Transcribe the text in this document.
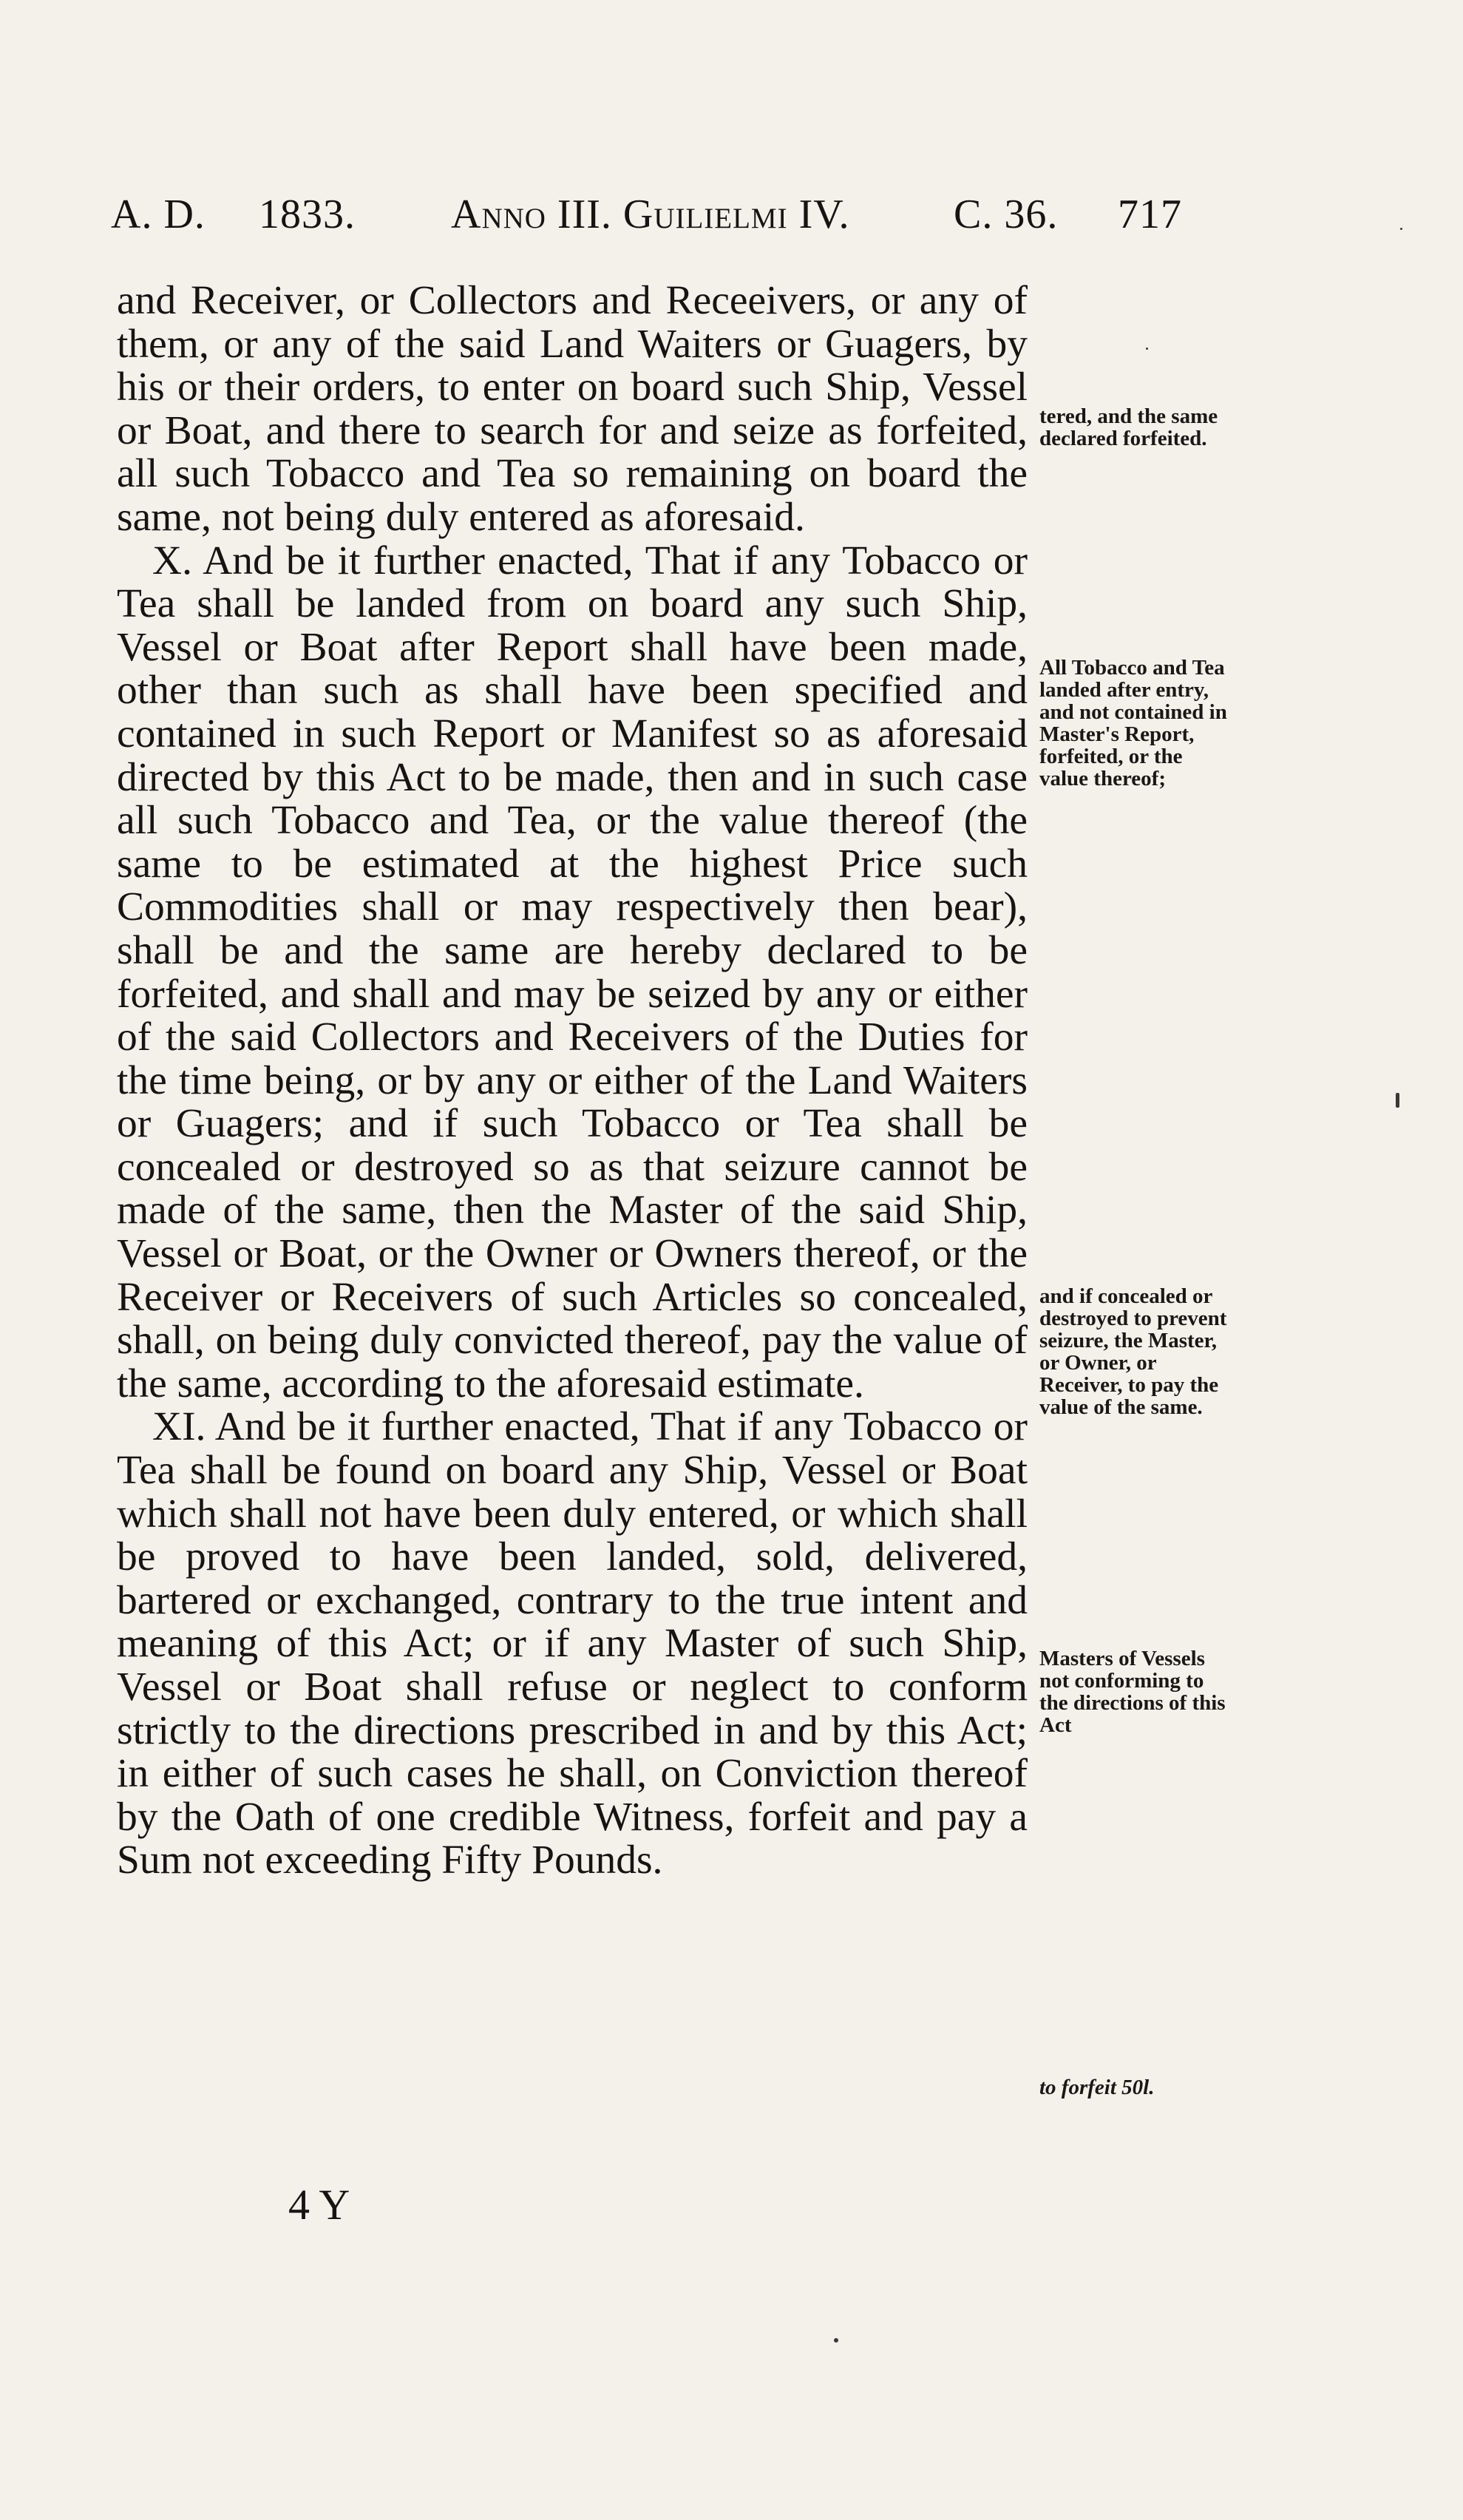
A. D. 1833. Anno III. Guilielmi IV.	C. 36. 717

and Receiver, or Collectors and Receeivers, or any of them, or any of the said Land Waiters or Guagers, by his or their orders, to enter on board such Ship, Vessel or Boat, and there to search for and seize as forfeited, all such Tobacco and Tea so remaining on board the same, not being duly entered as aforesaid.

X. And be it further enacted, That if any Tobacco or Tea shall be landed from on board any such Ship, Vessel or Boat after Report shall have been made, other than such as shall have been specified and contained in such Report or Manifest so as aforesaid directed by this Act to be made, then and in such case all such Tobacco and Tea, or the value thereof (the same to be estimated at the highest Price such Commodities shall or may respectively then bear), shall be and the same are hereby declared to be forfeited, and shall and may be seized by any or either of the said Collectors and Receivers of the Duties for the time being, or by any or either of the Land Waiters or Guagers; and if such Tobacco or Tea shall be concealed or destroyed so as that seizure cannot be made of the same, then the Master of the said Ship, Vessel or Boat, or the Owner or Owners thereof, or the Receiver or Receivers of such Articles so concealed, shall, on being duly convicted thereof, pay the value of the same, according to the aforesaid estimate.

XI. And be it further enacted, That if any Tobacco or Tea shall be found on board any Ship, Vessel or Boat which shall not have been duly entered, or which shall be proved to have been landed, sold, delivered, bartered or exchanged, contrary to the true intent and meaning of this Act; or if any Master of such Ship, Vessel or Boat shall refuse or neglect to conform strictly to the directions prescribed in and by this Act; in either of such cases he shall, on Conviction thereof by the Oath of one credible Witness, forfeit and pay a Sum not exceeding Fifty Pounds.

tered, and the same declared forfeited.
All Tobacco and Tea landed after entry, and not contained in Master's Report, forfeited, or the value thereof;
and if concealed or destroyed to prevent seizure, the Master, or Owner, or Receiver, to pay the value of the same.
Masters of Vessels not conforming to the directions of this Act
to forfeit 50l.
4 Y
